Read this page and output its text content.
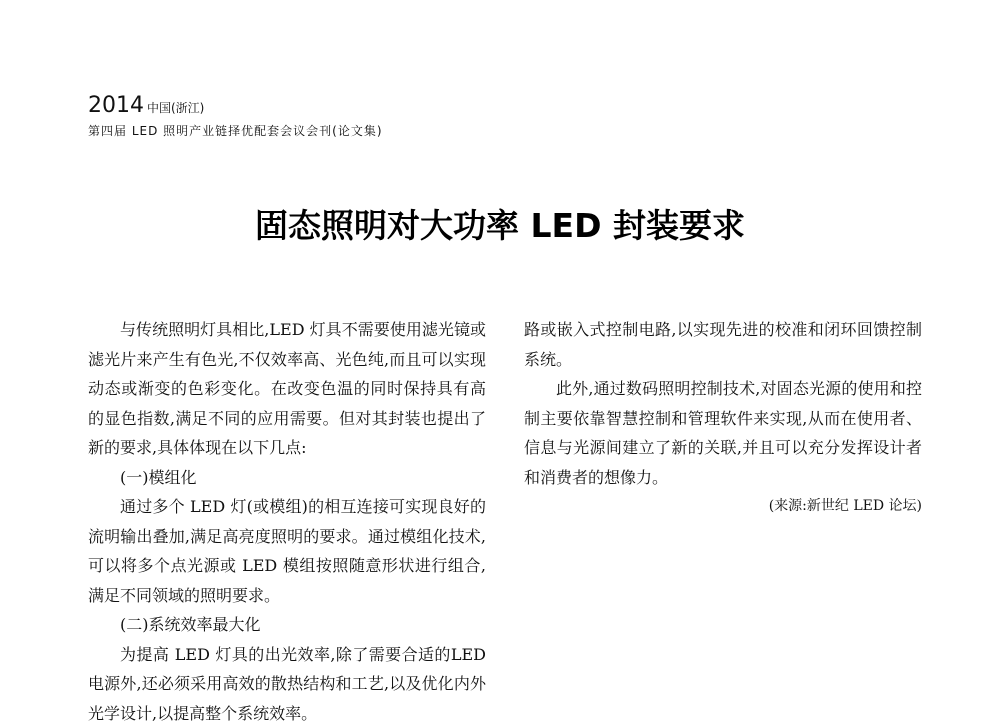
2014 中国(浙江)
第四届 LED 照明产业链择优配套会议会刊(论文集)
固态照明对大功率 LED 封装要求

与传统照明灯具相比,LED 灯具不需要使用滤光镜或滤光片来产生有色光,不仅效率高、光色纯,而且可以实现动态或渐变的色彩变化。在改变色温的同时保持具有高的显色指数,满足不同的应用需要。但对其封装也提出了新的要求,具体体现在以下几点:

(一)模组化

通过多个 LED 灯(或模组)的相互连接可实现良好的流明输出叠加,满足高亮度照明的要求。通过模组化技术,可以将多个点光源或 LED 模组按照随意形状进行组合,满足不同领域的照明要求。

(二)系统效率最大化

为提高 LED 灯具的出光效率,除了需要合适的LED 电源外,还必须采用高效的散热结构和工艺,以及优化内外光学设计,以提高整个系统效率。

路或嵌入式控制电路,以实现先进的校准和闭环回馈控制系统。

此外,通过数码照明控制技术,对固态光源的使用和控制主要依靠智慧控制和管理软件来实现,从而在使用者、信息与光源间建立了新的关联,并且可以充分发挥设计者和消费者的想像力。

(来源:新世纪 LED 论坛)
